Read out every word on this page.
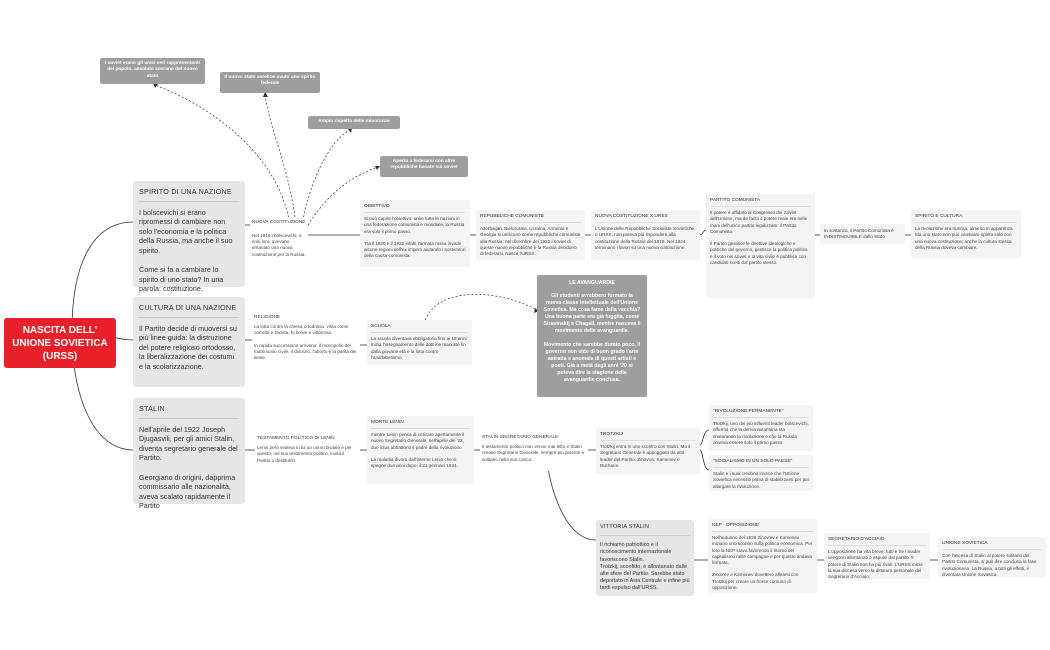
NASCITA DELL' UNIONE SOVIETICA (URSS)
SPIRITO DI UNA NAZIONE
I bolscevichi si erano ripromessi di cambiare non solo l'economia e la politica della Russia, ma anche il suo spirito.

Come si fa a cambiare lo spirito di uno stato? In una parola: costituzione.
CULTURA DI UNA NAZIONE
Il Partito decide di muoversi su più linee guida: la distruzione del potere religioso ortodosso, la liberalizzazione dei costumi e la scolarizzazione.
STALIN
Nell'aprile del 1922 Joseph Djugasvili, per gli amici Stalin, diventa segretario generale del Partito.

Georgiano di origini, dapprima commissario alle nazionalità, aveva scalato rapidamente il Partito
I soviet erano gli unici veri rappresentanti del popolo, assoluto sovrano del nuovo stato	Il nuovo stato avrebbe avuto uno spirito federale
Ampio rispetto delle minoranze
Aperto a federarsi con altre repubbliche basate sui soviet
NUOVA COSTITUZIONE
Nel 1918 i bolscevichi, a solo loro, avevano emanato una nuova costituzione per la Russia.
OBIETTIVO
Si può capire l'obiettivo: unire tutte le nazioni in una federazione comunista e mondiale, la Russia era solo il primo passo.

Tra il 1920 e il 1922 infatti l'armata rossa invade alcune regioni dell'ex impero aiutando i sostenitori della causa comunista.
REPUBBLICHE COMUNISTE
Azerbaijan, Bielorussia, Ucraina, Armenia e Georgia si uniscono come repubbliche comuniste alla Russia: nel dicembre del 1922 i soviet di queste nuove repubbliche e la Russia decidono di federarsi. Nasce l'URSS.
NUOVA COSTITUZIONE X URSS
L'Unione delle Repubbliche Socialiste Sovietiche, o URSS, non poteva più rispondere alla costituzione della Russia del 1918. Nel 1924 terminano i lavori su una nuova costituzione.
PARTITO COMUNISTA
Il potere è affidato al Congresso dei Soviet dell'Unione, ma de facto il potere reale era nelle mani dell'unico partito legalizzato: il Partito Comunista.

Il Partito gestisce le direttive ideologiche e politiche del governo, gestisce la politica politica e il voto nei soviet e la vita civile e pubblica con candidati scelti dal partito stesso.
In sostanza, il Partito Comunista è INDISTINGUIBILE dallo Stato
SPIRITO E CULTURA
La rivoluzione era riuscita, almeno in apparenza. Ma uno stato non può cambiare spirito solo con una nuova costituzione; anche la cultura stessa della Russia doveva cambiare.
RELIGIONE
La lotta contro la chiesa ortodossa, vista come corrotta e zarista, fu breve e vittoriosa.

In rapida successione arrivano: il monopolio del matrimonio civile, il divorzio, l'aborto e la parità dei sessi.
SCUOLA
La scuola diventava obbligatoria fino ai 15 anni: inizia l'insegnamento delle dottrine marxiste fin dalla giovane età e la lotta contro l'analfabetismo.
LE AVANGUARDIE
Gli studenti avrebbero formato la nuova classe intellettuale dell'Unione Sovietica. Ma cosa fame della vecchia? Una buona parte era già fuggita, come Stravinskij e Chagall, mentre nasceva il movimento delle avanguardie.

Movimento che sarebbe durato poco, il governo non vide di buon grado l'arte astratta e anomala di questi artisti e poeti. Già a metà degli anni '20 si poteva dire la stagione delle avanguardie conclusa.
TESTAMENTO POLITICO DI LENIN
Lenin però vedeva in lui un uomo brutale e per questo, nel suo testamento politico, invita il Partito a destituirlo.
MORTE LENIN
mentre Lenin pensa di criticare apertamente il nuovo Segretario Generale, nell'aprile del '22, due ictus abbattono il padre della rivoluzione.

La malattia divora dall'interno Lenin che si spegne due anni dopo, il 21 gennaio 1924.
STALIN SEGRETARIO GENERALE
Il testamento politico non venne mai letto e Stalin rimase Segretario Generale, sempre più potente e solitario nella sua carica.
TROTZKIJ
Trotzkij entra in uno scontro con Stalin. Ma il Segretario Generale è appoggiato da altri leader del Partito: Zinov'ev, Kamenev e Bucharin.
"RIVOLUZIONE PERMANENTE"
Trotzkij, uno dei più influenti leader bolscevichi, afferma che la deriva autoritaria sta snaturando la rivoluzione e che la Russia doveva essere solo il primo passo
"SOCIALISMO IN UN SOLO PAESE"
Stalin e i suoi credono invece che l'Unione Sovietica necessiti prima di stabilizzarsi per poi allargare la rivoluzione.
VITTORIA STALIN
Il richiamo patriottico e il riconoscimento internazionale favoriscono Stalin.
Trotzkij, sconfitto, è allontanato dalle alte sfere del Partito. Sarebbe stato deportato in Asia Centrale e infine più tardi espulso dall'URSS.
NEP - OPPOSIZIONE
Nell'autunno del 1926 Zinov'ev e Kamenev iniziano uno scontro sulla politica economica. Per loro la NEP stava favorendo il ritorno del capitalismo nelle campagne e per questo andava fermata.

Zinov'ev e Kamenev dovettero allearsi con Trotzkij per creare un fronte comune di opposizione.
SEGRETARIO D'ACCIAIO
L'opposizione ha vita breve: tutti e tre i leader vengono allontanati o espulsi dal partito. Il potere di Stalin non ha più rivali. L'URSS inizia la sua discesa verso la dittatura personale del Segretario d'Acciaio.
UNIONE SOVIETICA
Con l'ascesa di Stalin al potere solitario del Partito Comunista, si può dire conclusa la fase rivoluzionaria. La Russia, a tutti gli effetti, è diventata Unione Sovietica.
